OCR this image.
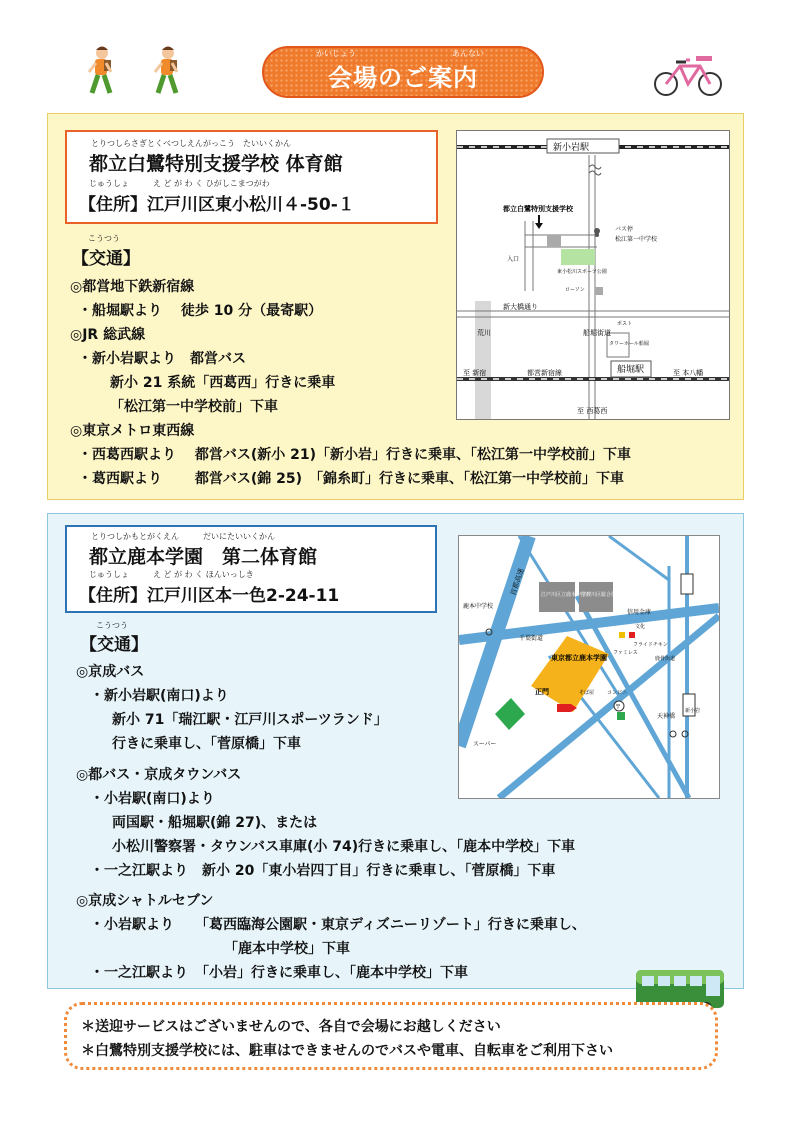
かいじょう	あんない
会場のご案内
とりつしらさぎとくべつしえんがっこう　たいいくかん
都立白鷺特別支援学校 体育館
じゅうしょ　　　え ど が わ く ひがしこまつがわ
【住所】江戸川区東小松川４-50-１
こうつう
【交通】
◎都営地下鉄新宿線
・船堀駅より　 徒歩 10 分（最寄駅）
◎JR 総武線
・新小岩駅より　都営バス
新小 21 系統「西葛西」行きに乗車
「松江第一中学校前」下車
◎東京メトロ東西線
・西葛西駅より　 都営バス(新小 21)「新小岩」行きに乗車、「松江第一中学校前」下車
・葛西駅より　　 都営バス(錦 25)　「錦糸町」行きに乗車、「松江第一中学校前」下車
新小岩駅
都立白鷺特別支援学校
バス停
松江第一中学校
入口
東小松川スポーツ公園
ローソン
新大橋通り
荒川	船堀街道
ポスト
タワーホール船堀
至 新宿	都営新宿線	船堀駅	至 本八幡
至 西葛西
とりつしかもとがくえん　　　だいにたいいくかん
都立鹿本学園　第二体育館
じゅうしょ　　　え ど が わ く ほんいっしき
【住所】江戸川区本一色2-24-11
こうつう
【交通】
◎京成バス
・新小岩駅(南口)より
新小 71「瑞江駅・江戸川スポーツランド」
行きに乗車し、「菅原橋」下車
◎都バス・京成タウンバス
・小岩駅(南口)より
両国駅・船堀駅(錦 27)、または
小松川警察署・タウンバス車庫(小 74)行きに乗車し、「鹿本中学校」下車
・一之江駅より　新小 20「東小岩四丁目」行きに乗車し、「菅原橋」下車
◎京成シャトルセブン
・小岩駅より　　「葛西臨海公園駅・東京ディズニーリゾート」行きに乗車し、
「鹿本中学校」下車
・一之江駅より　「小岩」行きに乗車し、「鹿本中学校」下車
首都高速
鹿本中学校
江戸川区立鹿本中学校
江戸川区総合体育館
信用金庫
千葉街道
東京都立鹿本学園
ファミレス
フライドチキン
〒
正門	そば屋	コンビニ
天神橋
スーパー
鹿骨街道
文化
新小岩
＊送迎サービスはございませんので、各自で会場にお越しください
＊白鷺特別支援学校には、駐車はできませんのでバスや電車、自転車をご利用下さい
